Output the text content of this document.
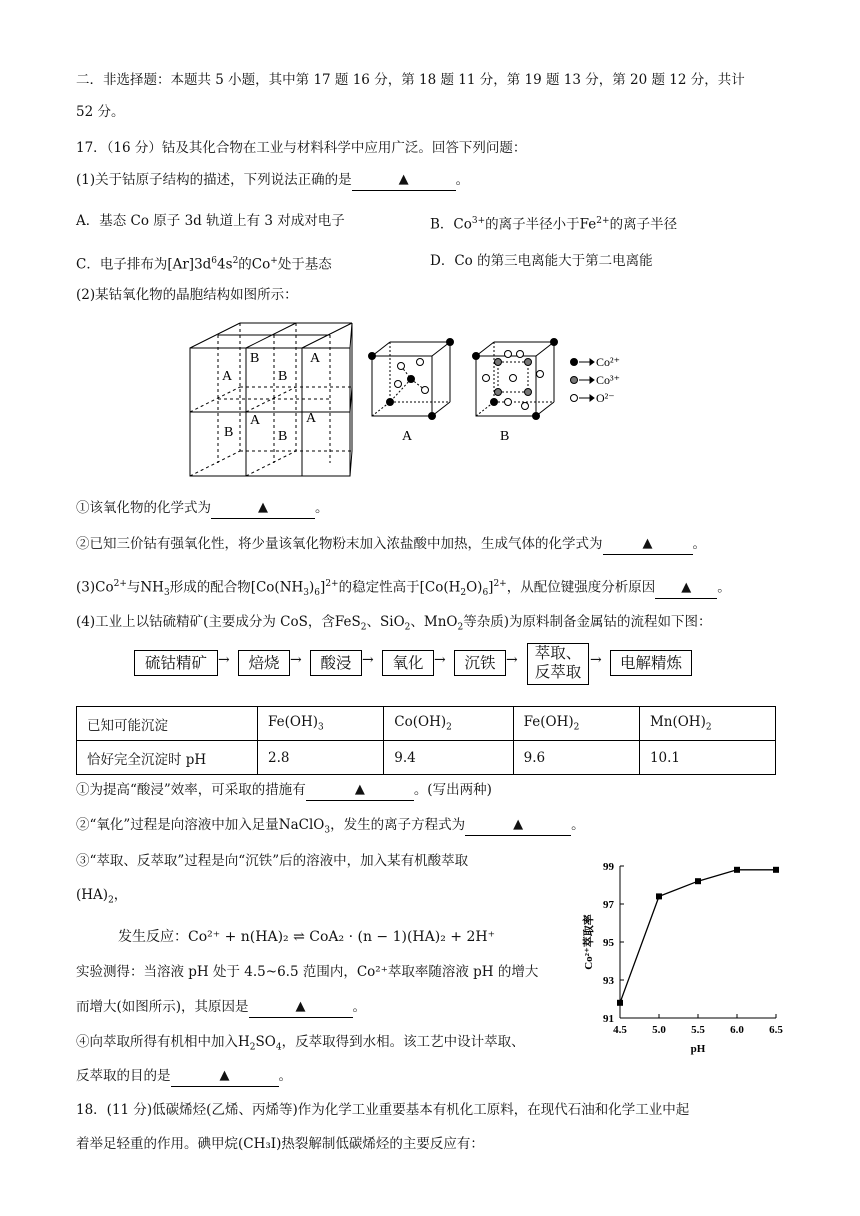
二．非选择题：本题共 5 小题，其中第 17 题 16 分，第 18 题 11 分，第 19 题 13 分，第 20 题 12 分，共计
52 分。
17．（16 分）钴及其化合物在工业与材料科学中应用广泛。回答下列问题：
(1)关于钴原子结构的描述，下列说法正确的是	▲	。
A．基态 Co 原子 3d 轨道上有 3 对成对电子	B．$Co^{3+}$的离子半径小于$Fe^{2+}$的离子半径
C．电子排布为$[Ar]3d^64s^2$的Co+处于基态	D．Co 的第三电离能大于第二电离能
(2)某钴氧化物的晶胞结构如图所示：
A
B	A
B
A
B
A
B	A	B
Co²⁺
Co³⁺
O²⁻
①该氧化物的化学式为	▲	。
②已知三价钴有强氧化性，将少量该氧化物粉末加入浓盐酸中加热，生成气体的化学式为	▲	。
$(3)Co^{2+}$与$NH_3$形成的配合物$[Co(NH_3)_6]^{2+}$的稳定性高于$[Co(H_2O)_6]^{2+}$，从配位键强度分析原因 ▲ 。
(4)工业上以钴硫精矿(主要成分为 CoS，含FeS$_2$、SiO$_2$、MnO$_2$等杂质)为原料制备金属钴的流程如下图：
硫钴精矿 →	焙烧 →	酸浸 →	氧化 →	沉铁 →	萃取、
反萃取
→	电解精炼
已知可能沉淀	$Fe(OH)_3$	$Co(OH)_2$	$Fe(OH)_2$	$Mn(OH)_2$
恰好完全沉淀时 pH	2.8	9.4	9.6	10.1
①为提高“酸浸”效率，可采取的措施有	▲	。(写出两种)
②“氧化”过程是向溶液中加入足量NaClO$_3$，发生的离子方程式为	▲	。
③“萃取、反萃取”过程是向“沉铁”后的溶液中，加入某有机酸萃取
$(HA)_2$，
发生反应：Co²⁺ + n(HA)₂ ⇌ CoA₂ · (n − 1)(HA)₂ + 2H⁺
实验测得：当溶液 pH 处于 4.5~6.5 范围内，Co²⁺萃取率随溶液 pH 的增大
而增大(如图所示)，其原因是	▲	。
④向萃取所得有机相中加入$H_2SO_4$，反萃取得到水相。该工艺中设计萃取、
反萃取的目的是	▲	。
91
93
95
97
99
4.5 5.0 5.5 6.0 6.5
pH
Co²⁺萃取率
18．(11 分)低碳烯烃(乙烯、丙烯等)作为化学工业重要基本有机化工原料，在现代石油和化学工业中起
着举足轻重的作用。碘甲烷(CH₃I)热裂解制低碳烯烃的主要反应有：
